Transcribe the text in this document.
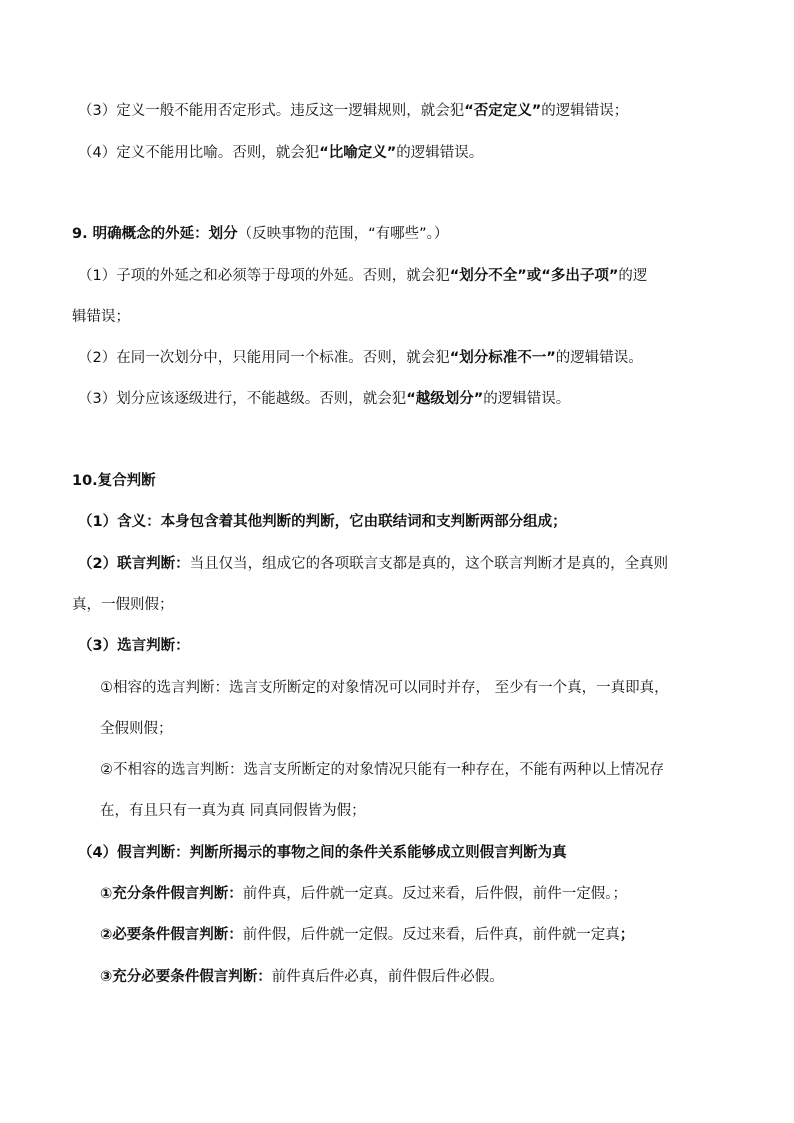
（3）定义一般不能用否定形式。违反这一逻辑规则，就会犯“否定定义”的逻辑错误；
（4）定义不能用比喻。否则，就会犯“比喻定义”的逻辑错误。
9. 明确概念的外延：划分（反映事物的范围，“有哪些”。）
（1）子项的外延之和必须等于母项的外延。否则，就会犯“划分不全”或“多出子项”的逻
辑错误；
（2）在同一次划分中，只能用同一个标准。否则，就会犯“划分标准不一”的逻辑错误。
（3）划分应该逐级进行，不能越级。否则，就会犯“越级划分”的逻辑错误。
10.复合判断
（1）含义：本身包含着其他判断的判断，它由联结词和支判断两部分组成；
（2）联言判断：当且仅当，组成它的各项联言支都是真的，这个联言判断才是真的，全真则
真，一假则假；
（3）选言判断：
①相容的选言判断：选言支所断定的对象情况可以同时并存， 至少有一个真，一真即真，
全假则假；
②不相容的选言判断：选言支所断定的对象情况只能有一种存在，不能有两种以上情况存
在，有且只有一真为真 同真同假皆为假；
（4）假言判断：判断所揭示的事物之间的条件关系能够成立则假言判断为真
①充分条件假言判断：前件真，后件就一定真。反过来看，后件假，前件一定假。；
②必要条件假言判断：前件假，后件就一定假。反过来看，后件真，前件就一定真；
③充分必要条件假言判断：前件真后件必真，前件假后件必假。
